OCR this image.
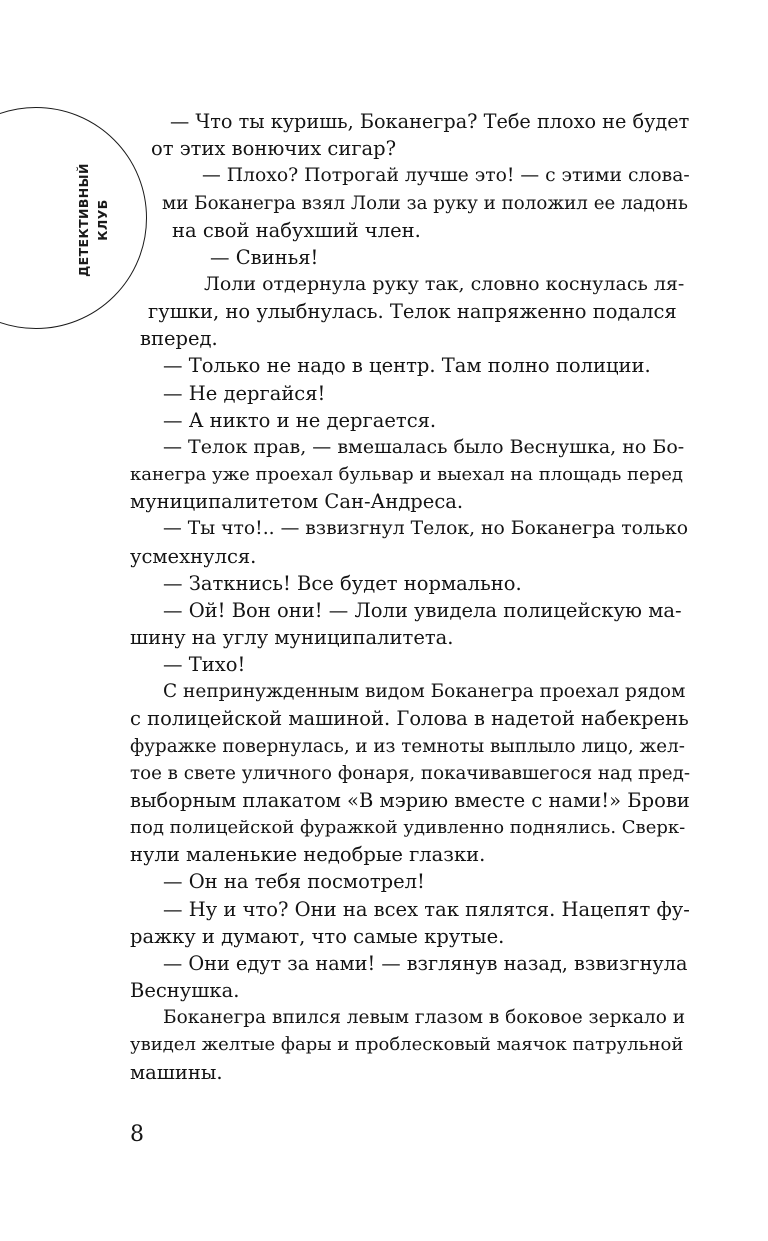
ДЕТЕКТИВНЫЙ КЛУБ
— Что ты куришь, Боканегра? Тебе плохо не будет
от этих вонючих сигар?
— Плохо? Потрогай лучше это! — с этими слова-
ми Боканегра взял Лоли за руку и положил ее ладонь
на свой набухший член.
— Свинья!
Лоли отдернула руку так, словно коснулась ля-
гушки, но улыбнулась. Телок напряженно подался
вперед.
— Только не надо в центр. Там полно полиции.
— Не дергайся!
— А никто и не дергается.
— Телок прав, — вмешалась было Веснушка, но Бо-
канегра уже проехал бульвар и выехал на площадь перед
муниципалитетом Сан-Андреса.
— Ты что!.. — взвизгнул Телок, но Боканегра только
усмехнулся.
— Заткнись! Все будет нормально.
— Ой! Вон они! — Лоли увидела полицейскую ма-
шину на углу муниципалитета.
— Тихо!
С непринужденным видом Боканегра проехал рядом
с полицейской машиной. Голова в надетой набекрень
фуражке повернулась, и из темноты выплыло лицо, жел-
тое в свете уличного фонаря, покачивавшегося над пред-
выборным плакатом «В мэрию вместе с нами!» Брови
под полицейской фуражкой удивленно поднялись. Сверк-
нули маленькие недобрые глазки.
— Он на тебя посмотрел!
— Ну и что? Они на всех так пялятся. Нацепят фу-
ражку и думают, что самые крутые.
— Они едут за нами! — взглянув назад, взвизгнула
Веснушка.
Боканегра впился левым глазом в боковое зеркало и
увидел желтые фары и проблесковый маячок патрульной
машины.
8
